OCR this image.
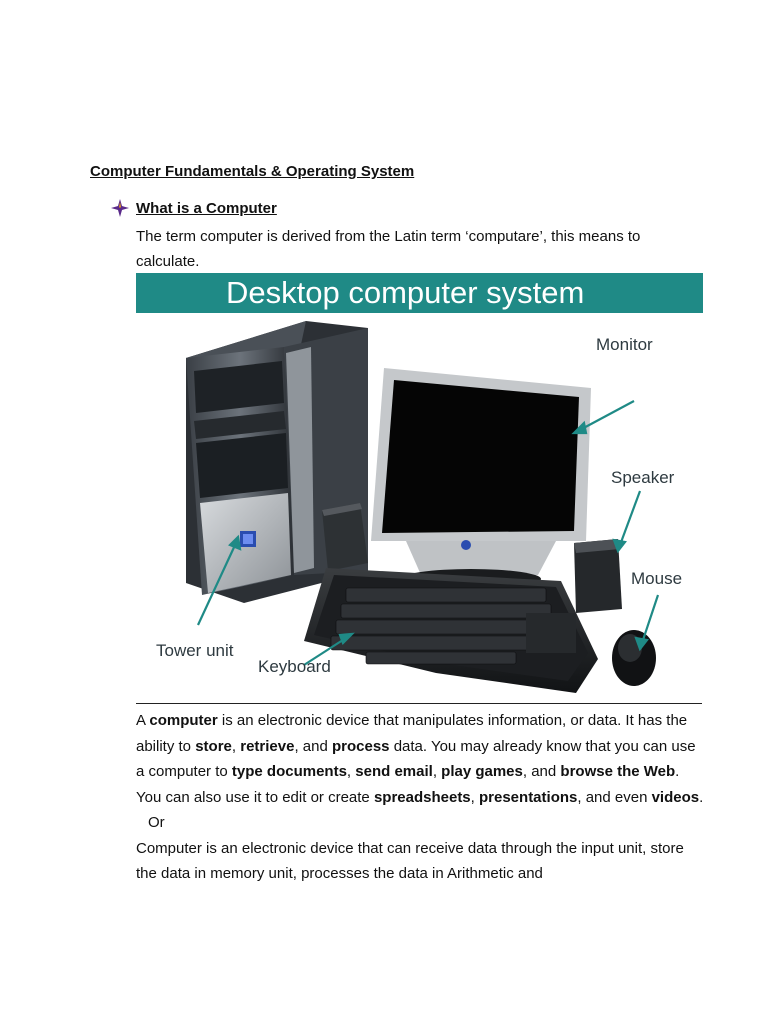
Computer Fundamentals & Operating System
What is a Computer
The term computer is derived from the Latin term ‘computare’, this means to calculate.
Desktop computer system
Monitor
Speaker
Mouse
Tower unit
Keyboard
A computer is an electronic device that manipulates information, or data. It has the ability to store, retrieve, and process data. You may already know that you can use a computer to type documents, send email, play games, and browse the Web. You can also use it to edit or create spreadsheets, presentations, and even videos.
Or
Computer is an electronic device that can receive data through the input unit, store the data in memory unit, processes the data in Arithmetic and
